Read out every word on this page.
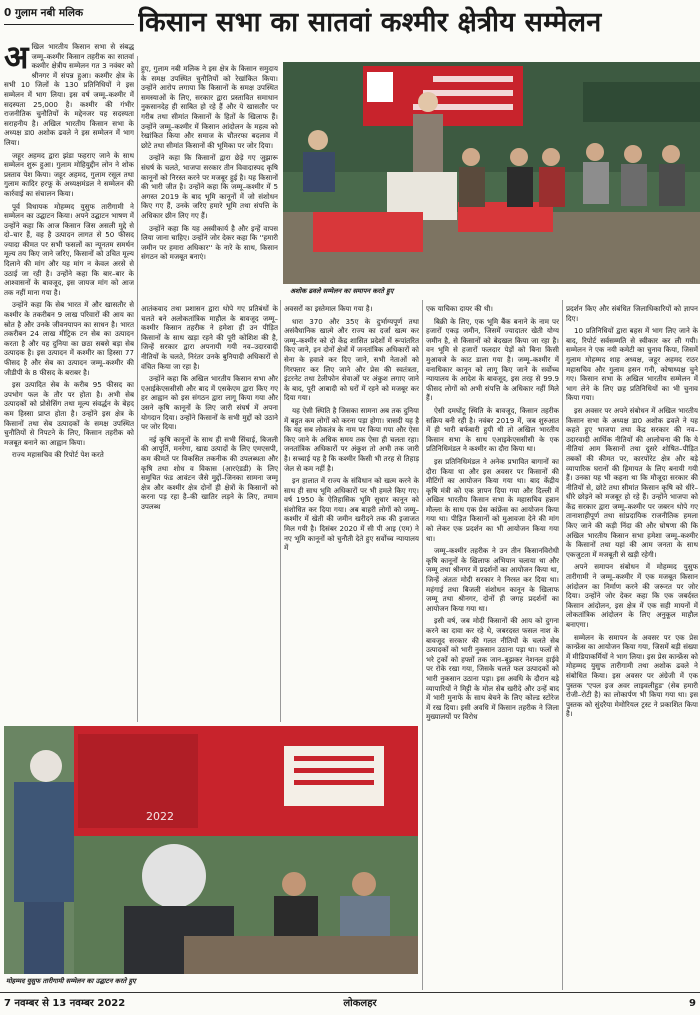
0 गुलाम नबी मलिक	किसान सभा का सातवां कश्मीर क्षेत्रीय सम्मेलन
अ खिल भारतीय किसान सभा से संबद्ध जम्मू–कश्मीर किसान तहरीक का सातवां कश्मीर क्षेत्रीय सम्मेलन गत 3 नवंबर को श्रीनगर में संपन्न हुआ। कश्मीर क्षेत्र के सभी 10 जिलों के 130 प्रतिनिधियों ने इस सम्मेलन में भाग लिया। इस वर्ष जम्मू–कश्मीर में सदस्यता 25,000 है। कश्मीर की गंभीर राजनीतिक चुनौतियों के मद्देनजर यह सदस्यता सराहनीय है। अखिल भारतीय किसान सभा के अध्यक्ष डा0 अशोक ढवले ने इस सम्मेलन में भाग लिया।

जहूर अहमद द्वारा झंडा फहराए जाने के साथ सम्मेलन शुरू हुआ। गुलाम मोहियुद्दीन लोन ने शोक प्रस्ताव पेश किया। जहूर अहमद, गुलाम रसूल तथा गुलाम कादिर हरफू के अध्यक्षमंडल ने सम्मेलन की कार्रवाई का संचालन किया।

पूर्व विधायक मोहम्मद युसुफ तारीगामी ने सम्मेलन का उद्घाटन किया। अपने उद्घाटन भाषण में उन्होंने कहा कि आज किसान जिस असली मुद्दे से दो–चार हैं, वह है उत्पादन लागत से 50 फीसद ज्यादा कीमत पर सभी फसलों का न्यूनतम समर्थन मूल्य तय किए जाने जरिए, किसानों को उचित मूल्य दिलाने की मांग और यह मांग न केवल अरसे से उठाई जा रही है। उन्होंने कहा कि बार–बार के आश्वासनों के बावजूद, इस जायज मांग को आज तक नहीं माना गया है।

उन्होंने कहा कि सेब भारत में और खासतौर से कश्मीर के तकरीबन 9 लाख परिवारों की आय का स्रोत है और उनके जीवनयापन का साधन है। भारत तकरीबन 24 लाख मीट्रिक टन सेब का उत्पादन करता है और यह दुनिया का छठा सबसे बड़ा सेब उत्पादक है। इस उत्पादन में कश्मीर का हिस्सा 77 फीसद है और सेब का उत्पादन जम्मू–कश्मीर की जीडीपी के 8 फीसद के बराबर है।

इस उत्पादित सेब के करीब 95 फीसद का उपभोग फल के तौर पर होता है। अभी सेब उत्पादकों को प्रोसेसिंग तथा मूल्य संवर्द्धन के बेहद कम हिस्सा प्राप्त होता है। उन्होंने इस क्षेत्र के किसानों तथा सेब उत्पादकों के समक्ष उपस्थित चुनौतियों से निपटने के लिए, किसान तहरीक को मजबूत बनाने का आह्वान किया।

राज्य महासचिव की रिपोर्ट पेश करते

हुए, गुलाम नबी मलिक ने इस क्षेत्र के किसान समुदाय के समक्ष उपस्थित चुनौतियों को रेखांकित किया। उन्होंने आरोप लगाया कि किसानों के समक्ष उपस्थित समस्याओं के लिए, सरकार द्वारा प्रस्तावित समाधान नुकसानदेह ही साबित हो रहे हैं और ये खासतौर पर गरीब तथा सीमांत किसानों के हितों के खिलाफ हैं। उन्होंने जम्मू–कश्मीर में किसान आंदोलन के महत्व को रेखांकित किया और समाज के चौतरफा बदलाव में छोटे तथा सीमांत किसानों की भूमिका पर जोर दिया।

उन्होंने कहा कि किसानों द्वारा छेड़े गए जुझारू संघर्ष के चलते, भाजपा सरकार तीन विवादास्पद कृषि कानूनों को निरस्त करने पर मजबूर हुई है। यह किसानों की भारी जीत है। उन्होंने कहा कि जम्मू–कश्मीर में 5 अगस्त 2019 के बाद भूमि कानूनों में जो संशोधन किए गए हैं, उनके जरिए हमारे भूमि तथा संपत्ति के अधिकार छीन लिए गए हैं।

उन्होंने कहा कि यह अस्वीकार्य है और इन्हें वापस लिया जाना चाहिए। उन्होंने जोर देकर कहा कि ''हमारी जमीन पर हमारा अधिकार'' के नारे के साथ, किसान संगठन को मजबूत बनाएं।

अशोक ढवले सम्मेलन का समापन करते हुए

आतंकवाद तथा प्रशासन द्वारा थोपे गए प्रतिबंधों के चलते बने अलोकतांत्रिक माहौल के बावजूद जम्मू–कश्मीर किसान तहरीक ने हमेशा ही उन पीड़ित किसानों के साथ खड़ा रहने की पूरी कोशिश की है, जिन्हें सरकार द्वारा अपनायी गयी नव–उदारवादी नीतियों के चलते, निरंतर उनके बुनियादी अधिकारों से वंचित किया जा रहा है।

उन्होंने कहा कि अखिल भारतीय किसान सभा और एआईकेएससीसी और बाद में एसकेएम द्वारा किए गए हर आह्वान को इस संगठन द्वारा लागू किया गया और उसने कृषि कानूनों के लिए जारी संघर्ष में अपना योगदान दिया। उन्होंने किसानों के सभी मुद्दों को उठाने पर जोर दिया।

नई कृषि कानूनों के साथ ही सभी सिंचाई, बिजली की आपूर्ति, मनरेगा, खाद्य उत्पादों के लिए एमएसपी, कम कीमतें पर विकसित तकनीक की उपलब्धता और कृषि तथा शोध व विकास (आरएंडडी) के लिए समुचित फंड आवंटन जैसे मुद्दों–जिनका सामना जम्मू क्षेत्र और कश्मीर क्षेत्र दोनों ही क्षेत्रों के किसानों को करना पड़ रहा है–की खातिर लड़ने के लिए, तमाम उपलब्ध

अवसरों का इस्तेमाल किया गया है।

धारा 370 और 35ए के दुर्भाग्यपूर्ण तथा असंवैधानिक खात्मे और राज्य का दर्जा खत्म कर जम्मू–कश्मीर को दो केंद्र शासित प्रदेशों में रूपांतरित किए जाने, इन दोनों क्षेत्रों में जनतांत्रिक अधिकारों को सेना के हवाले कर दिए जाने, सभी नेताओं को गिरफ्तार कर लिए जाने और प्रेस की स्वतंत्रता, इंटरनेट तथा टेलीफोन सेवाओं पर अंकुश लगाए जाने के बाद, पूरी आबादी को घरों में रहने को मजबूर कर दिया गया।

यह ऐसी स्थिति है जिसका सामना अब तक दुनिया में बहुत कम लोगों को करना पड़ा होगा। त्रासदी यह है कि यह सब लोकतंत्र के नाम पर किया गया और ऐसा किए जाने के अधिक समय तक ऐसा ही चलता रहा। जनतांत्रिक अधिकारों पर अंकुश तो अभी तक जारी है। सच्चाई यह है कि कश्मीर किसी भी तरह से तिहाड़ जेल से कम नहीं है।

इन हालात में राज्य के संविधान को खत्म करने के साथ ही साथ भूमि अधिकारों पर भी हमले किए गए। वर्ष 1950 के ऐतिहासिक भूमि सुधार कानून को संशोधित कर दिया गया। अब बाहरी लोगों को जम्मू–कश्मीर में खेती की जमीन खरीदने तक की इजाजत मिल गयी है। दिसंबर 2020 में सी पी आइ (एम) ने नए भूमि कानूनों को चुनौती देते हुए सर्वोच्च न्यायालय में

एक याचिका दायर की थी।

बिक्री के लिए, एक भूमि बैंक बनाने के नाम पर हजारों एकड़ जमीन, जिसमें ज्यादातर खेती योग्य जमीन है, से किसानों को बेदखल किया जा रहा है। वन भूमि से हजारों फलदार पेड़ों को बिना किसी मुआवजे के काट डाला गया है। जम्मू–कश्मीर में वनाधिकार कानून को लागू किए जाने के सर्वोच्च न्यायालय के आदेश के बावजूद, इस तरह से 99.9 फीसद लोगों को अभी संपत्ति के अधिकार नहीं मिले हैं।

ऐसी दमघोंटू स्थिति के बावजूद, किसान तहरीक सक्रिय बनी रही है। नवंबर 2019 में, जब शुरुआत में ही भारी बर्फबारी हुयी थी तो अखिल भारतीय किसान सभा के साथ एआइकेएससीसी के एक प्रतिनिधिमंडल ने कश्मीर का दौरा किया था।

इस प्रतिनिधिमंडल ने अनेक प्रभावित बागानों का दौरा किया था और इस अवसर पर किसानों की मीटिंगों का आयोजन किया गया था। बाद केंद्रीय कृषि मंत्री को एक ज्ञापन दिया गया और दिल्ली में अखिल भारतीय किसान सभा के महासचिव हन्नान मौल्ला के साथ एक प्रेस कांफ्रेंस का आयोजन किया गया था। पीड़ित किसानों को मुआवजा देने की मांग को लेकर एक प्रदर्शन का भी आयोजन किया गया था।

जम्मू–कश्मीर तहरीक ने उन तीन किसानविरोधी कृषि कानूनों के खिलाफ अभियान चलाया था और जम्मू तथा श्रीनगर में प्रदर्शनों का आयोजन किया था, जिन्हें अंततः मोदी सरकार ने निरस्त कर दिया था। महंगाई तथा बिजली संशोधन कानून के खिलाफ जम्मू तथा श्रीनगर, दोनों ही जगह प्रदर्शनों का आयोजन किया गया था।

इसी वर्ष, जब मोदी किसानों की आय को दुगना करने का दावा कर रहे थे, जबरदस्त फसल नाश के बावजूद सरकार की गलत नीतियों के चलते सेब उत्पादकों को भारी नुकसान उठाना पड़ा था। फलों से भरे ट्रकों को हफ्तों तक जान–बूझकर नेशनल हाईवे पर रोके रखा गया, जिसके चलते फल उत्पादकों को भारी नुकसान उठाना पड़ा। इस अवधि के दौरान बड़े व्यापारियों ने मिट्टी के मोल सेब खरीदे और उन्हें बाद में भारी मुनाफे के साथ बेचने के लिए कोल्ड स्टोरेज में रख दिया। इसी अवधि में किसान तहरीक ने जिला मुख्यालयों पर विरोध

प्रदर्शन किए और संबंधित जिलाधिकारियों को ज्ञापन दिए।

10 प्रतिनिधियों द्वारा बहस में भाग लिए जाने के बाद, रिपोर्ट सर्वसम्मति से स्वीकार कर ली गयी। सम्मेलन ने एक नयी कमेटी का चुनाव किया, जिसमें गुलाम मोहम्मद शाह अध्यक्ष, जहूर अहमद राठर महासचिव और गुलाम हसन गनी, कोषाध्यक्ष चुने गए। किसान सभा के अखिल भारतीय सम्मेलन में भाग लेने के लिए छह प्रतिनिधियों का भी चुनाव किया गया।

इस अवसर पर अपने संबोधन में अखिल भारतीय किसान सभा के अध्यक्ष डा0 अशोक ढवले ने यह कहते हुए भाजपा तथा केंद्र सरकार की नव–उदारवादी आर्थिक नीतियों की आलोचना की कि ये नीतियां आम किसानों तथा दूसरे शोषित–पीड़ित तबकों की कीमत पर, कारपोरेट क्षेत्र और बड़े व्यापारिक घरानों की हिमायत के लिए बनायी गयी हैं। उनका यह भी कहना था कि मौजूदा सरकार की नीतियों से, छोटे तथा सीमांत किसान कृषि को धीरे–धीरे छोड़ने को मजबूर हो रहे हैं। उन्होंने भाजपा को केंद्र सरकार द्वारा जम्मू–कश्मीर पर जबरन थोपे गए तानाशाहीपूर्ण तथा सांप्रदायिक राजनीतिक हमला किए जाने की कड़ी निंदा की और घोषणा की कि अखिल भारतीय किसान सभा हमेशा जम्मू–कश्मीर के किसानों तथा यहां की आम जनता के साथ एकजुटता में मजबूती से खड़ी रहेगी।

अपने समापन संबोधन में मोहम्मद युसुफ तारीगामी ने जम्मू–कश्मीर में एक मजबूत किसान आंदोलन का निर्माण करने की जरूरत पर जोर दिया। उन्होंने जोर देकर कहा कि एक जबर्दस्त किसान आंदोलन, इस क्षेत्र में एक सही मायनों में लोकतांत्रिक आंदोलन के लिए अनुकूल माहौल बनाएगा।

सम्मेलन के समापन के अवसर पर एक प्रेस कान्फ्रेंस का आयोजन किया गया, जिसमें बड़ी संख्या में मीडियाकर्मियों ने भाग लिया। इस प्रेस कान्फ्रेंस को मोहम्मद युसुफ तारीगामी तथा अशोक ढवले ने संबोधित किया। इस अवसर पर अंग्रेजी में एक पुस्तक 'एपल इज अवर लाइवलीहुड' (सेब हमारी रोजी–रोटी है) का लोकार्पण भी किया गया था। इस पुस्तक को सुंदरैया मेमोरियल ट्रस्ट ने प्रकाशित किया है।

2022
मोहम्मद युसुफ तारीगामी सम्मेलन का उद्घाटन करते हुए
7 नवम्बर से 13 नवम्बर 2022	लोकलहर	9
